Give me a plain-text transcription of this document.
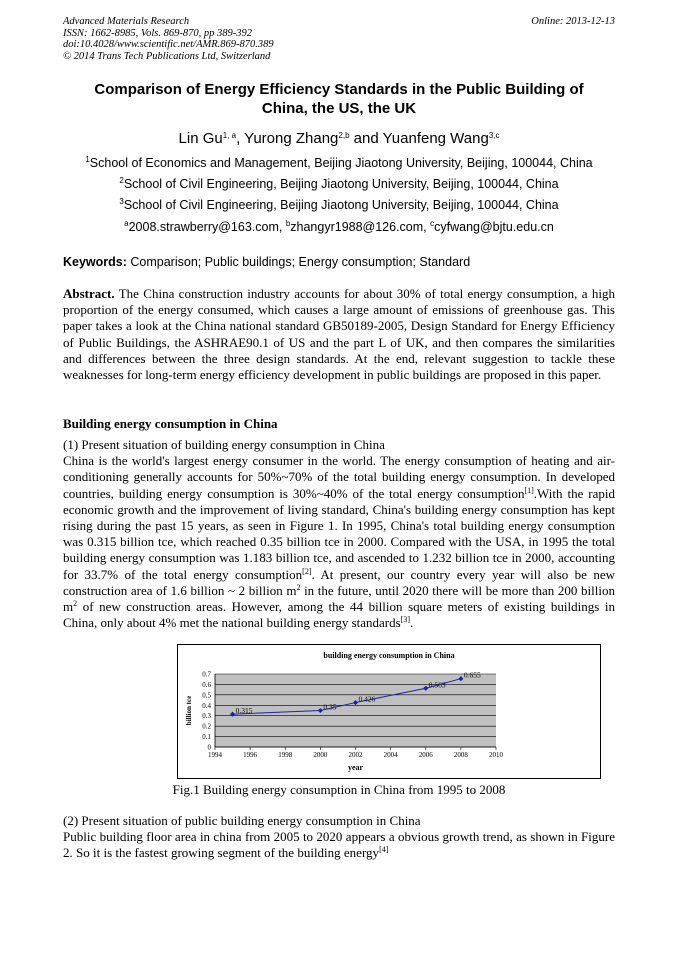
Advanced Materials Research
ISSN: 1662-8985, Vols. 869-870, pp 389-392
doi:10.4028/www.scientific.net/AMR.869-870.389
© 2014 Trans Tech Publications Ltd, Switzerland
Online: 2013-12-13
Comparison of Energy Efficiency Standards in the Public Building of
China, the US, the UK
Lin Gu$^{1, a}$, Yurong Zhang$^{2,b}$ and Yuanfeng Wang$^{3,c}$
$^1$School of Economics and Management, Beijing Jiaotong University, Beijing, 100044, China
$^2$School of Civil Engineering, Beijing Jiaotong University, Beijing, 100044, China
$^3$School of Civil Engineering, Beijing Jiaotong University, Beijing, 100044, China
$^a$2008.strawberry@163.com, $^b$zhangyr1988@126.com, $^c$cyfwang@bjtu.edu.cn
Keywords: Comparison; Public buildings; Energy consumption; Standard
Abstract. The China construction industry accounts for about 30% of total energy consumption, a high proportion of the energy consumed, which causes a large amount of emissions of greenhouse gas. This paper takes a look at the China national standard GB50189-2005, Design Standard for Energy Efficiency of Public Buildings, the ASHRAE90.1 of US and the part L of UK, and then compares the similarities and differences between the three design standards. At the end, relevant suggestion to tackle these weaknesses for long-term energy efficiency development in public buildings are proposed in this paper.
Building energy consumption in China
(1) Present situation of building energy consumption in China
China is the world's largest energy consumer in the world. The energy consumption of heating and air-conditioning generally accounts for 50%~70% of the total building energy consumption. In developed countries, building energy consumption is 30%~40% of the total energy consumption[1].With the rapid economic growth and the improvement of living standard, China's building energy consumption has kept rising during the past 15 years, as seen in Figure 1. In 1995, China's total building energy consumption was 0.315 billion tce, which reached 0.35 billion tce in 2000. Compared with the USA, in 1995 the total building energy consumption was 1.183 billion tce, and ascended to 1.232 billion tce in 2000, accounting for 33.7% of the total energy consumption[2]. At present, our country every year will also be new construction area of 1.6 billion ~ 2 billion $m^2$ in the future, until 2020 there will be more than 200 billion $m^2$ of new construction areas. However, among the 44 billion square meters of existing buildings in China, only about 4% met the national building energy standards[3].
building energy consumption in China
0
0.1
0.2
0.3
0.4
0.5
0.6
0.7
1994	1996	1998	2000	2002	2004	2006	2008	2010
0.315	0.35
0.426
0.563
0.655
year
billion tce
Fig.1 Building energy consumption in China from 1995 to 2008
(2) Present situation of public building energy consumption in China
Public building floor area in china from 2005 to 2020 appears a obvious growth trend, as shown in Figure 2. So it is the fastest growing segment of the building energy[4]
